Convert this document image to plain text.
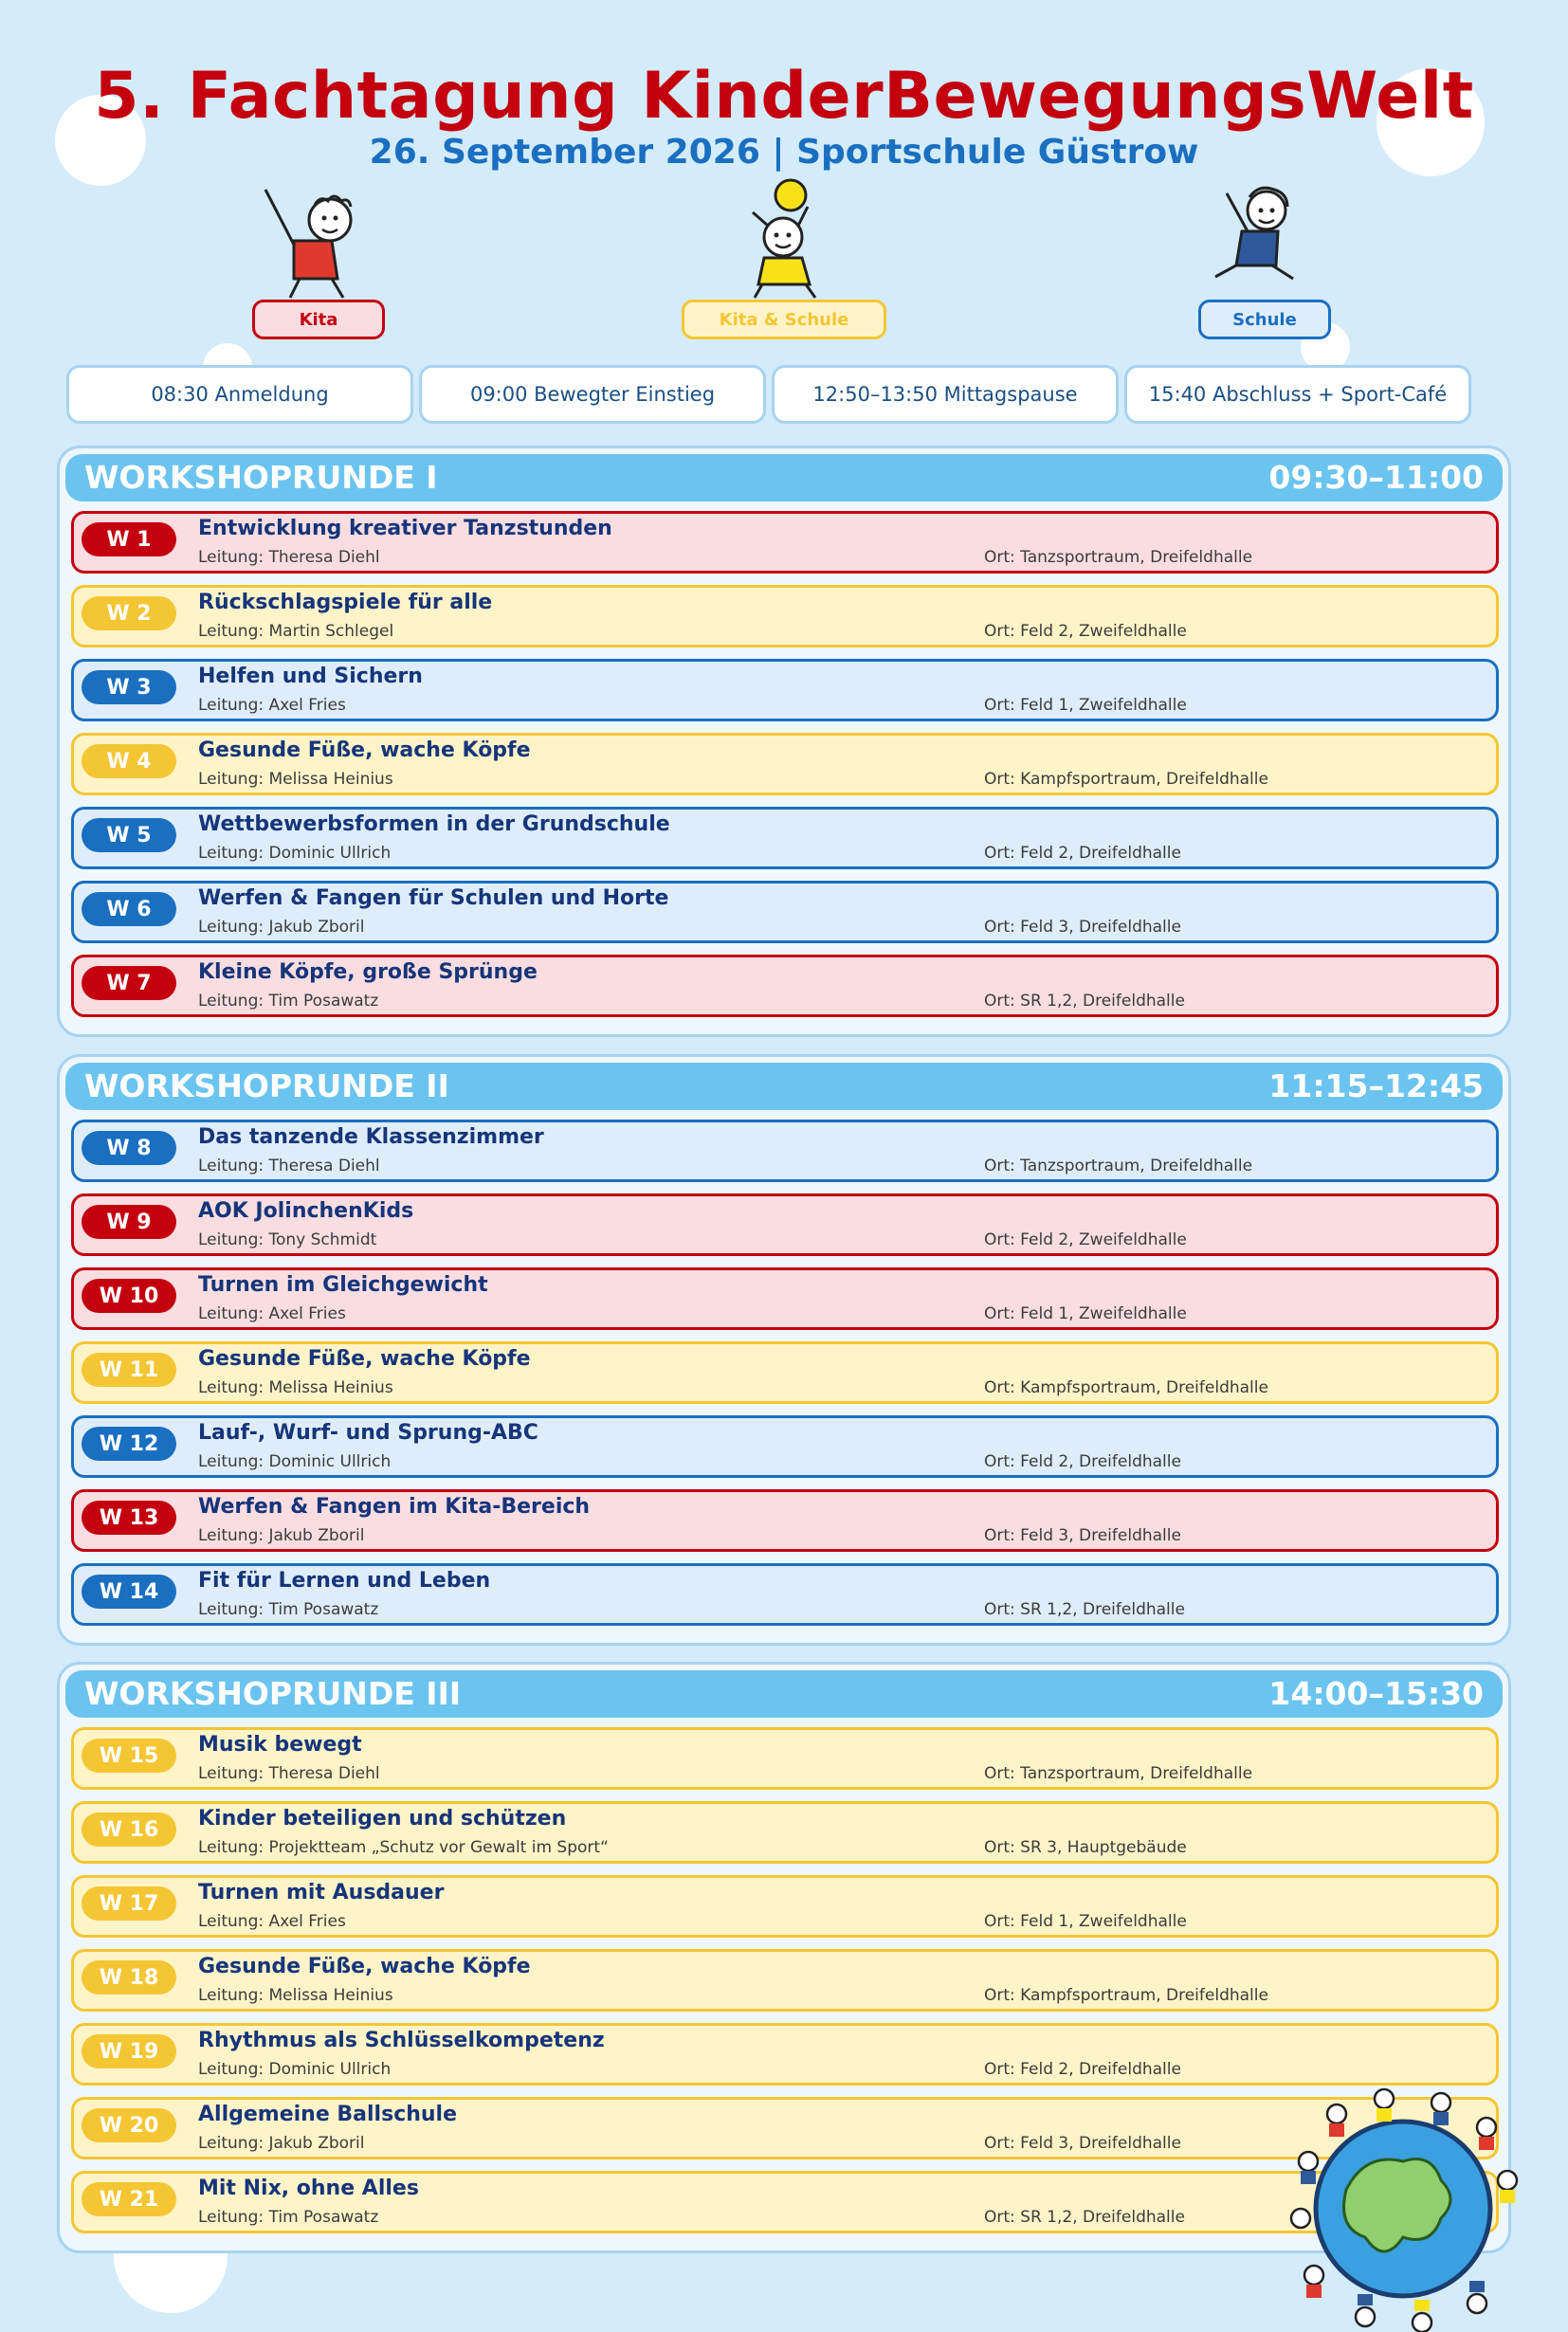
5. Fachtagung KinderBewegungsWelt
26. September 2026 | Sportschule Güstrow
Kita	Kita & Schule	Schule
08:30 Anmeldung	09:00 Bewegter Einstieg	12:50–13:50 Mittagspause	15:40 Abschluss + Sport-Café
WORKSHOPRUNDE I	09:30–11:00
W 1	Entwicklung kreativer Tanzstunden
Leitung: Theresa Diehl	Ort: Tanzsportraum, Dreifeldhalle
W 2	Rückschlagspiele für alle
Leitung: Martin Schlegel	Ort: Feld 2, Zweifeldhalle
W 3	Helfen und Sichern
Leitung: Axel Fries	Ort: Feld 1, Zweifeldhalle
W 4	Gesunde Füße, wache Köpfe
Leitung: Melissa Heinius	Ort: Kampfsportraum, Dreifeldhalle
W 5	Wettbewerbsformen in der Grundschule
Leitung: Dominic Ullrich	Ort: Feld 2, Dreifeldhalle
W 6	Werfen & Fangen für Schulen und Horte
Leitung: Jakub Zboril	Ort: Feld 3, Dreifeldhalle
W 7	Kleine Köpfe, große Sprünge
Leitung: Tim Posawatz	Ort: SR 1,2, Dreifeldhalle
WORKSHOPRUNDE II	11:15–12:45
W 8	Das tanzende Klassenzimmer
Leitung: Theresa Diehl	Ort: Tanzsportraum, Dreifeldhalle
W 9	AOK JolinchenKids
Leitung: Tony Schmidt	Ort: Feld 2, Zweifeldhalle
W 10	Turnen im Gleichgewicht
Leitung: Axel Fries	Ort: Feld 1, Zweifeldhalle
W 11	Gesunde Füße, wache Köpfe
Leitung: Melissa Heinius	Ort: Kampfsportraum, Dreifeldhalle
W 12	Lauf-, Wurf- und Sprung-ABC
Leitung: Dominic Ullrich	Ort: Feld 2, Dreifeldhalle
W 13	Werfen & Fangen im Kita-Bereich
Leitung: Jakub Zboril	Ort: Feld 3, Dreifeldhalle
W 14	Fit für Lernen und Leben
Leitung: Tim Posawatz	Ort: SR 1,2, Dreifeldhalle
WORKSHOPRUNDE III	14:00–15:30
W 15	Musik bewegt
Leitung: Theresa Diehl	Ort: Tanzsportraum, Dreifeldhalle
W 16	Kinder beteiligen und schützen
Leitung: Projektteam „Schutz vor Gewalt im Sport“	Ort: SR 3, Hauptgebäude
W 17	Turnen mit Ausdauer
Leitung: Axel Fries	Ort: Feld 1, Zweifeldhalle
W 18	Gesunde Füße, wache Köpfe
Leitung: Melissa Heinius	Ort: Kampfsportraum, Dreifeldhalle
W 19	Rhythmus als Schlüsselkompetenz
Leitung: Dominic Ullrich	Ort: Feld 2, Dreifeldhalle
W 20	Allgemeine Ballschule
Leitung: Jakub Zboril	Ort: Feld 3, Dreifeldhalle
W 21	Mit Nix, ohne Alles
Leitung: Tim Posawatz	Ort: SR 1,2, Dreifeldhalle
